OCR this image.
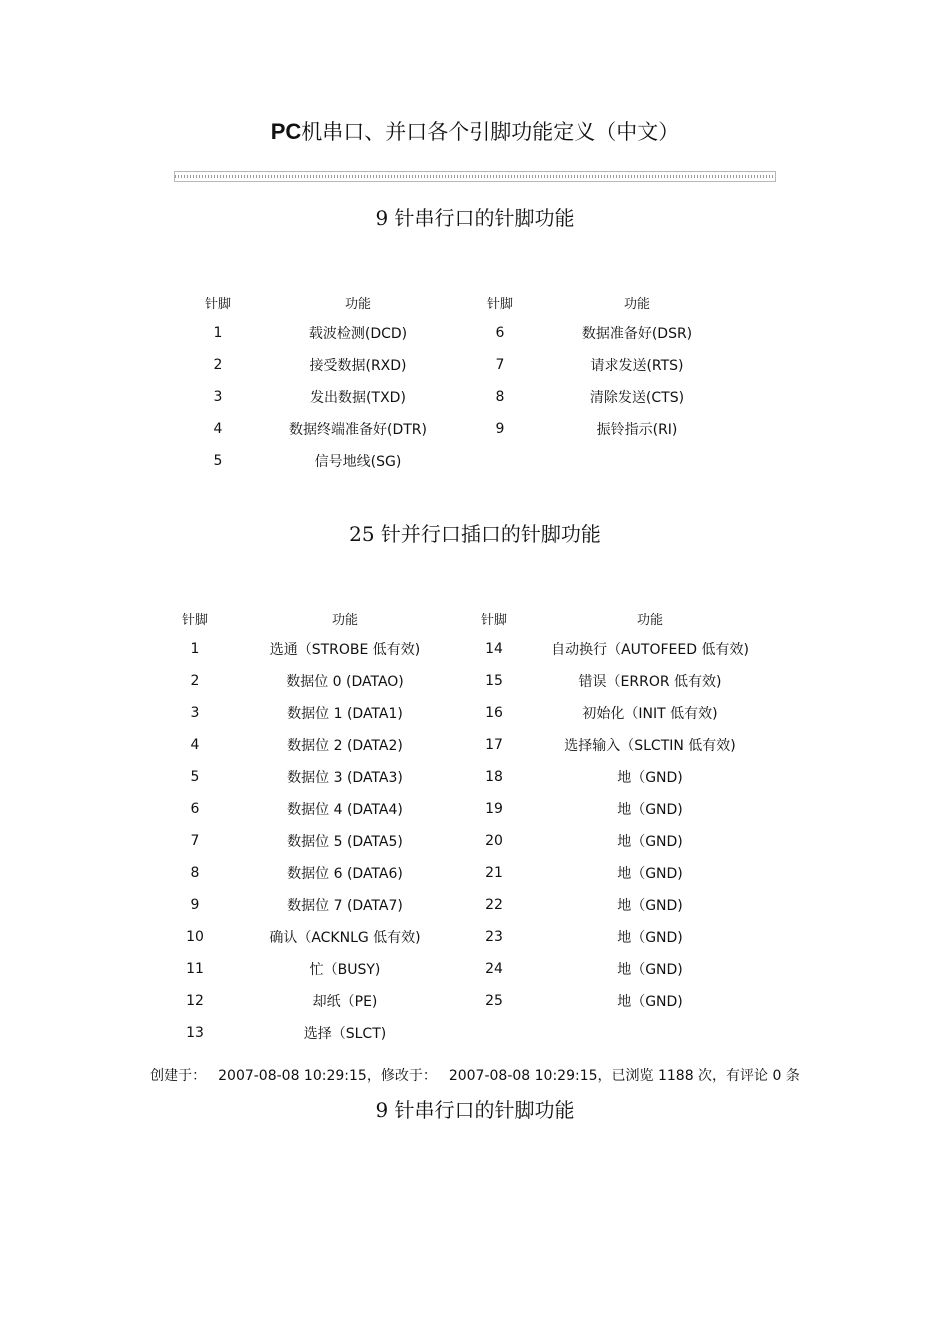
PC机串口、并口各个引脚功能定义（中文）
9 针串行口的针脚功能
针脚	功能	针脚	功能
1	载波检测(DCD)	6	数据准备好(DSR)
2	接受数据(RXD)	7	请求发送(RTS)
3	发出数据(TXD)	8	清除发送(CTS)
4	数据终端准备好(DTR)	9	振铃指示(RI)
5	信号地线(SG)		
25 针并行口插口的针脚功能
针脚	功能	针脚	功能
1	选通（STROBE 低有效)	14	自动换行（AUTOFEED 低有效)
2	数据位 0 (DATAO)	15	错误（ERROR 低有效)
3	数据位 1 (DATA1)	16	初始化（INIT 低有效)
4	数据位 2 (DATA2)	17	选择输入（SLCTIN 低有效)
5	数据位 3 (DATA3)	18	地（GND)
6	数据位 4 (DATA4)	19	地（GND)
7	数据位 5 (DATA5)	20	地（GND)
8	数据位 6 (DATA6)	21	地（GND)
9	数据位 7 (DATA7)	22	地（GND)
10	确认（ACKNLG 低有效)	23	地（GND)
11	忙（BUSY)	24	地（GND)
12	却纸（PE)	25	地（GND)
13	选择（SLCT)		
创建于： 2007-08-08 10:29:15，修改于： 2007-08-08 10:29:15，已浏览 1188 次，有评论 0 条
9 针串行口的针脚功能
